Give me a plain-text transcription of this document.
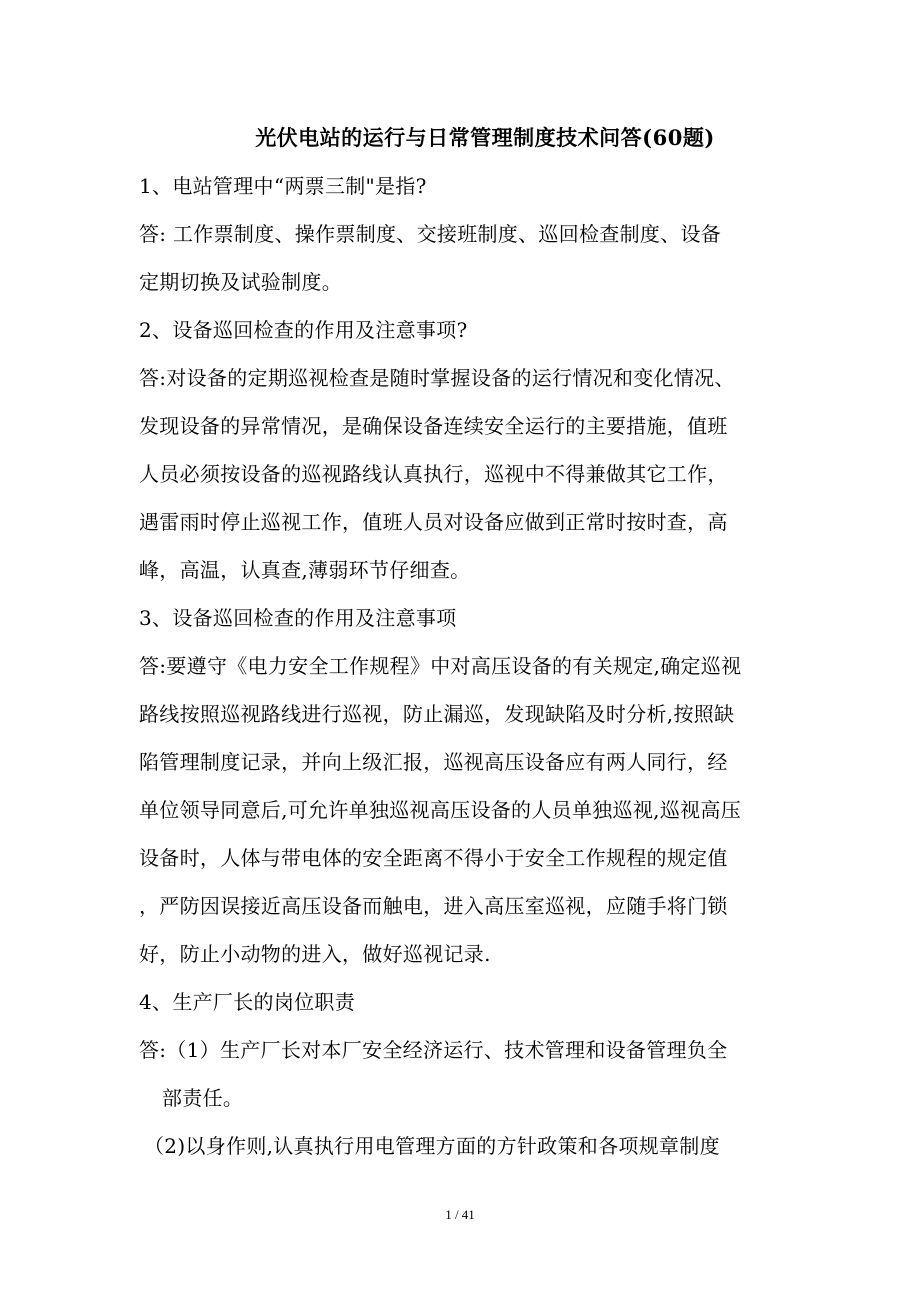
光伏电站的运行与日常管理制度技术问答(60题)
1、电站管理中“两票三制"是指?
答: 工作票制度、操作票制度、交接班制度、巡回检查制度、设备
定期切换及试验制度。
2、设备巡回检查的作用及注意事项?
答:对设备的定期巡视检查是随时掌握设备的运行情况和变化情况、
发现设备的异常情况，是确保设备连续安全运行的主要措施，值班
人员必须按设备的巡视路线认真执行，巡视中不得兼做其它工作，
遇雷雨时停止巡视工作，值班人员对设备应做到正常时按时查，高
峰，高温，认真查,薄弱环节仔细查。
3、设备巡回检查的作用及注意事项
答:要遵守《电力安全工作规程》中对高压设备的有关规定,确定巡视
路线按照巡视路线进行巡视，防止漏巡，发现缺陷及时分析,按照缺
陷管理制度记录，并向上级汇报，巡视高压设备应有两人同行，经
单位领导同意后,可允许单独巡视高压设备的人员单独巡视,巡视高压
设备时，人体与带电体的安全距离不得小于安全工作规程的规定值
，严防因误接近高压设备而触电，进入高压室巡视，应随手将门锁
好，防止小动物的进入，做好巡视记录.
4、生产厂长的岗位职责
答:（1）生产厂长对本厂安全经济运行、技术管理和设备管理负全
部责任。
（2)以身作则,认真执行用电管理方面的方针政策和各项规章制度
1 / 41
